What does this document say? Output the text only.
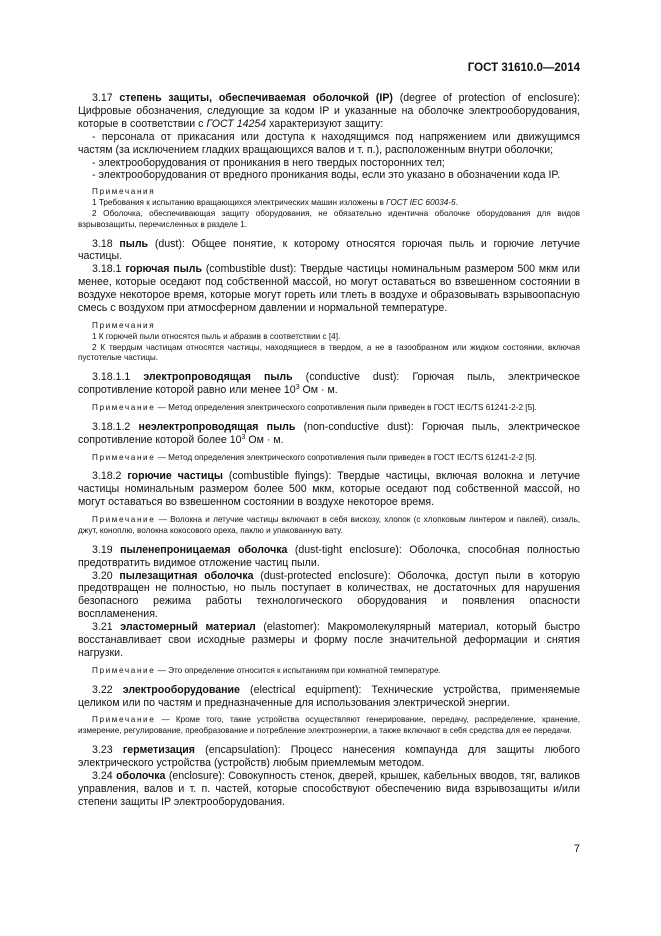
ГОСТ 31610.0—2014

3.17 степень защиты, обеспечиваемая оболочкой (IP) (degree of protection of enclosure): Цифровые обозначения, следующие за кодом IP и указанные на оболочке электрооборудования, которые в соответствии с ГОСТ 14254 характеризуют защиту:

- персонала от прикасания или доступа к находящимся под напряжением или движущимся частям (за исключением гладких вращающихся валов и т. п.), расположенным внутри оболочки;

- электрооборудования от проникания в него твердых посторонних тел;

- электрооборудования от вредного проникания воды, если это указано в обозначении кода IP.

Примечания

1 Требования к испытанию вращающихся электрических машин изложены в ГОСТ IEC 60034-5.

2 Оболочка, обеспечивающая защиту оборудования, не обязательно идентична оболочке оборудования для видов взрывозащиты, перечисленных в разделе 1.

3.18 пыль (dust): Общее понятие, к которому относятся горючая пыль и горючие летучие частицы.

3.18.1 горючая пыль (combustible dust): Твердые частицы номинальным размером 500 мкм или менее, которые оседают под собственной массой, но могут оставаться во взвешенном состоянии в воздухе некоторое время, которые могут гореть или тлеть в воздухе и образовывать взрывоопасную смесь с воздухом при атмосферном давлении и нормальной температуре.

Примечания

1 К горючей пыли относятся пыль и абразив в соответствии с [4].

2 К твердым частицам относятся частицы, находящиеся в твердом, а не в газообразном или жидком состоянии, включая пустотелые частицы.

3.18.1.1 электропроводящая пыль (conductive dust): Горючая пыль, электрическое сопротивление которой равно или менее $10^3$ Ом · м.

Примечание — Метод определения электрического сопротивления пыли приведен в ГОСТ IEC/TS 61241-2-2 [5].

3.18.1.2 неэлектропроводящая пыль (non-conductive dust): Горючая пыль, электрическое сопротивление которой более $10^3$ Ом · м.

Примечание — Метод определения электрического сопротивления пыли приведен в ГОСТ IEC/TS 61241-2-2 [5].

3.18.2 горючие частицы (combustible flyings): Твердые частицы, включая волокна и летучие частицы номинальным размером более 500 мкм, которые оседают под собственной массой, но могут оставаться во взвешенном состоянии в воздухе некоторое время.

Примечание — Волокна и летучие частицы включают в себя вискозу, хлопок (с хлопковым линтером и паклей), сизаль, джут, коноплю, волокна кокосового ореха, паклю и упакованную вату.

3.19 пыленепроницаемая оболочка (dust-tight enclosure): Оболочка, способная полностью предотвратить видимое отложение частиц пыли.

3.20 пылезащитная оболочка (dust-protected enclosure): Оболочка, доступ пыли в которую предотвращен не полностью, но пыль поступает в количествах, не достаточных для нарушения безопасного режима работы технологического оборудования и появления опасности воспламенения.

3.21 эластомерный материал (elastomer): Макромолекулярный материал, который быстро восстанавливает свои исходные размеры и форму после значительной деформации и снятия нагрузки.

Примечание — Это определение относится к испытаниям при комнатной температуре.

3.22 электрооборудование (electrical equipment): Технические устройства, применяемые целиком или по частям и предназначенные для использования электрической энергии.

Примечание — Кроме того, такие устройства осуществляют генерирование, передачу, распределение, хранение, измерение, регулирование, преобразование и потребление электроэнергии, а также включают в себя средства для ее передачи.

3.23 герметизация (encapsulation): Процесс нанесения компаунда для защиты любого электрического устройства (устройств) любым приемлемым методом.

3.24 оболочка (enclosure): Совокупность стенок, дверей, крышек, кабельных вводов, тяг, валиков управления, валов и т. п. частей, которые способствуют обеспечению вида взрывозащиты и/или степени защиты IP электрооборудования.

7
